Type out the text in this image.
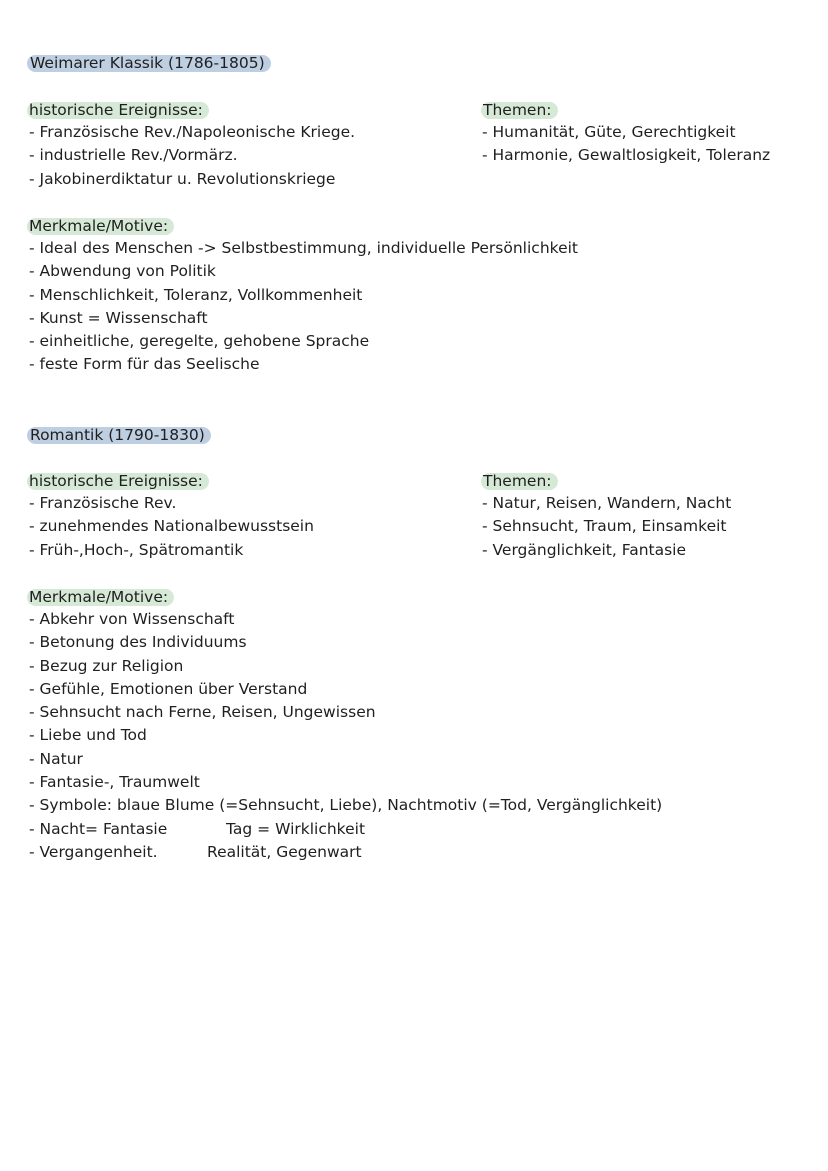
Weimarer Klassik (1786-1805)
historische Ereignisse:
- Französische Rev./Napoleonische Kriege.
- industrielle Rev./Vormärz.
- Jakobinerdiktatur u. Revolutionskriege
Themen:
- Humanität, Güte, Gerechtigkeit
- Harmonie, Gewaltlosigkeit, Toleranz
Merkmale/Motive:
- Ideal des Menschen -> Selbstbestimmung, individuelle Persönlichkeit
- Abwendung von Politik
- Menschlichkeit, Toleranz, Vollkommenheit
- Kunst = Wissenschaft
- einheitliche, geregelte, gehobene Sprache
- feste Form für das Seelische
Romantik (1790-1830)
historische Ereignisse:
- Französische Rev.
- zunehmendes Nationalbewusstsein
- Früh-,Hoch-, Spätromantik
Themen:
- Natur, Reisen, Wandern, Nacht
- Sehnsucht, Traum, Einsamkeit
- Vergänglichkeit, Fantasie
Merkmale/Motive:
- Abkehr von Wissenschaft
- Betonung des Individuums
- Bezug zur Religion
- Gefühle, Emotionen über Verstand
- Sehnsucht nach Ferne, Reisen, Ungewissen
- Liebe und Tod
- Natur
- Fantasie-, Traumwelt
- Symbole: blaue Blume (=Sehnsucht, Liebe), Nachtmotiv (=Tod, Vergänglichkeit)
- Nacht= Fantasie	Tag = Wirklichkeit
- Vergangenheit.	Realität, Gegenwart
